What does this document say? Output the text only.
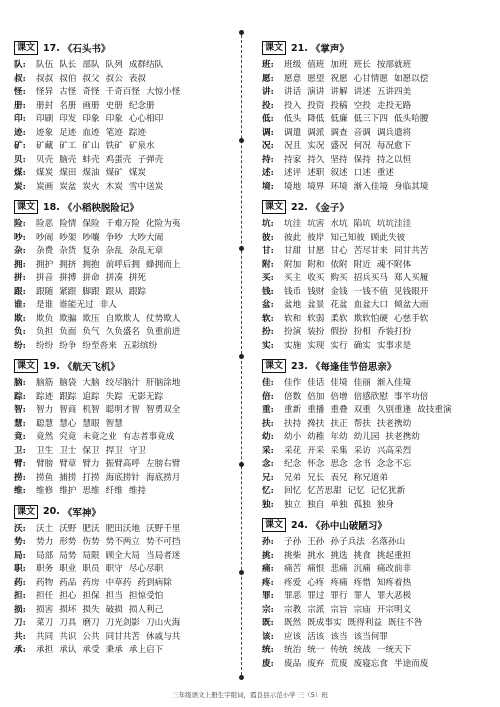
课文 17. 《石头书》
队:	队伍 队长 部队 队列 成群结队
叔:	叔叔 叔伯 叔父 叔公 表叔
怪:	怪异 古怪 奇怪 千奇百怪 大惊小怪
册:	册封 名册 画册 史册 纪念册
印:	印刷 印发 印象 印象 心心相印
迹:	迹象 足迹 血迹 笔迹 踪迹
矿:	矿藏 矿工 矿山 铁矿 矿泉水
贝:	贝壳 脑壳 蚌壳 鸡蛋壳 子弹壳
煤:	煤炭 煤田 煤油 煤矿 煤炭
炭:	炭画 炭盆 炭火 木炭 雪中送炭
课文 18. 《小稻秧脱险记》
险:	险恶 险情 保险 千难万险 化险为夷
吵:	吵闹 吵架 吵嚷 争吵 大吵大闹
杂:	杂费 杂货 复杂 杂乱 杂乱无章
拥:	拥护 拥挤 拥抱 前呼后拥 蜂拥而上
拼:	拼音 拼搏 拼命 拼凑 拼死
跟:	跟随 紧跟 脚跟 跟从 跟踪
谁:	是谁 谁能无过 非人
欺:	欺负 欺骗 欺压 自欺欺人 仗势欺人
负:	负担 负面 负气 久负盛名 负重前进
纷:	纷纷 纷争 纷至沓来 五彩缤纷
课文 19. 《航天飞机》
脑:	脑筋 脑袋 大脑 绞尽脑汁 肝脑涂地
踪:	踪迹 跟踪 追踪 失踪 无影无踪
智:	智力 智商 机智 聪明才智 智勇双全
慧:	聪慧 慧心 慧眼 智慧
竟:	竟然 究竟 未竟之业 有志者事竟成
卫:	卫生 卫士 保卫 捍卫 守卫
臂:	臂膀 臂章 臂力 振臂高呼 左膀右臂
捞:	捞鱼 捕捞 打捞 海底捞针 海底捞月
维:	维修 维护 思维 纤维 维持
课文 20. 《军神》
沃:	沃土 沃野 肥沃 肥田沃地 沃野千里
势:	势力 形势 伤势 势不两立 势不可挡
局:	局部 局势 局限 顾全大局 当局者迷
职:	职务 职业 职员 职守 尽心尽职
药:	药物 药品 药房 中草药 药到病除
担:	担任 担心 担保 担当 担惊受怕
损:	损害 损坏 损失 破损 损人利己
刀:	菜刀 刀具 磨刀 刀光剑影 刀山火海
共:	共同 共识 公共 同甘共苦 休戚与共
承:	承担 承认 承受 秉承 承上启下
课文 21. 《掌声》
班:	班级 值班 加班 班长 按部就班
愿:	愿意 愿望 祝愿 心甘情愿 如愿以偿
讲:	讲话 演讲 讲解 讲述 五讲四美
投:	投入 投资 投稿 空投 走投无路
低:	低头 降低 低廉 低三下四 低头哈腰
调:	调遣 调派 调查 音调 调兵遣将
况:	况且 实况 盛况 何况 每况愈下
持:	持家 持久 坚持 保持 持之以恒
述:	述评 述职 叙述 口述 重述
境:	境地 境界 环境 渐入佳境 身临其境
课文 22. 《金子》
坑:	坑洼 坑害 水坑 陷坑 坑坑洼洼
彼:	彼此 彼岸 知己知彼 顾此失彼
甘:	甘甜 甘愿 甘心 苦尽甘来 同甘共苦
附:	附加 附和 依附 附近 魂不附体
买:	买主 收买 购买 招兵买马 郑人买履
钱:	钱币 钱财 金钱 一钱不值 见钱眼开
盆:	盆地 盆景 花盆 血盆大口 倾盆大雨
软:	软和 软弱 柔软 欺软怕硬 心慈手软
扮:	扮演 装扮 假扮 扮相 乔装打扮
实:	实施 实现 实行 确实 实事求是
课文 23. 《每逢佳节倍思亲》
佳:	佳作 佳话 佳境 佳丽 渐入佳境
倍:	倍数 倍加 倍增 倍感欣慰 事半功倍
重:	重新 重播 重叠 双重 久别重逢 故技重演
扶:	扶持 搀扶 扶正 帮扶 扶老携幼
幼:	幼小 幼稚 年幼 幼儿园 扶老携幼
采:	采花 开采 采集 采访 兴高采烈
念:	纪念 怀念 思念 念书 念念不忘
兄:	兄弟 兄长 表兄 称兄道弟
忆:	回忆 忆苦思甜 记忆 记忆犹新
独:	独立 独自 单独 孤独 独身
课文 24. 《孙中山破陋习》
孙:	子孙 王孙 孙子兵法 名落孙山
挑:	挑柴 挑水 挑选 挑食 挑起重担
痛:	痛苦 痛恨 悲痛 沉痛 痛改前非
疼:	疼爱 心疼 疼痛 疼惜 知疼着热
罪:	罪恶 罪过 罪行 罪人 罪大恶极
宗:	宗教 宗派 宗旨 宗庙 开宗明义
既:	既然 既成事实 既得利益 既往不咎
该:	应该 活该 该当 该当何罪
统:	统治 统一 传统 统战 一统天下
废:	废品 废弃 荒废 废寝忘食 半途而废
三年级语文上册生字组词，霞良县示范小学 三（5）班
